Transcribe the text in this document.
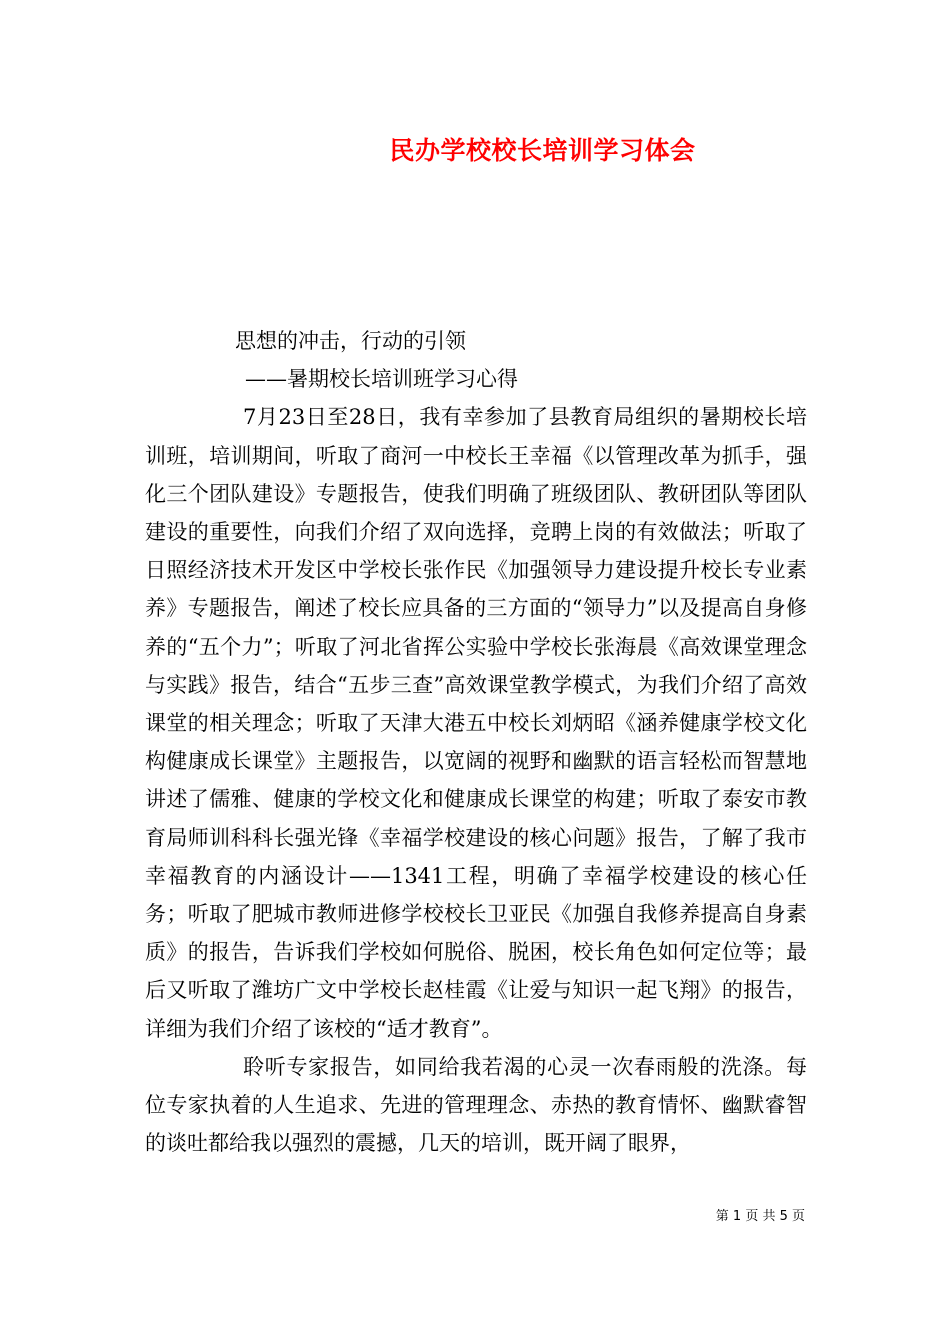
民办学校校长培训学习体会

思想的冲击，行动的引领

——暑期校长培训班学习心得

7月23日至28日，我有幸参加了县教育局组织的暑期校长培训班，培训期间，听取了商河一中校长王幸福《以管理改革为抓手，强化三个团队建设》专题报告，使我们明确了班级团队、教研团队等团队建设的重要性，向我们介绍了双向选择，竞聘上岗的有效做法；听取了日照经济技术开发区中学校长张作民《加强领导力建设提升校长专业素养》专题报告，阐述了校长应具备的三方面的“领导力”以及提高自身修养的“五个力”；听取了河北省挥公实验中学校长张海晨《高效课堂理念与实践》报告，结合“五步三查”高效课堂教学模式，为我们介绍了高效课堂的相关理念；听取了天津大港五中校长刘炳昭《涵养健康学校文化构健康成长课堂》主题报告，以宽阔的视野和幽默的语言轻松而智慧地讲述了儒雅、健康的学校文化和健康成长课堂的构建；听取了泰安市教育局师训科科长强光锋《幸福学校建设的核心问题》报告，了解了我市幸福教育的内涵设计——1341工程，明确了幸福学校建设的核心任务；听取了肥城市教师进修学校校长卫亚民《加强自我修养提高自身素质》的报告，告诉我们学校如何脱俗、脱困，校长角色如何定位等；最后又听取了潍坊广文中学校长赵桂霞《让爱与知识一起飞翔》的报告，详细为我们介绍了该校的“适才教育”。

聆听专家报告，如同给我若渴的心灵一次春雨般的洗涤。每位专家执着的人生追求、先进的管理理念、赤热的教育情怀、幽默睿智的谈吐都给我以强烈的震撼，几天的培训，既开阔了眼界，

第 1 页 共 5 页
